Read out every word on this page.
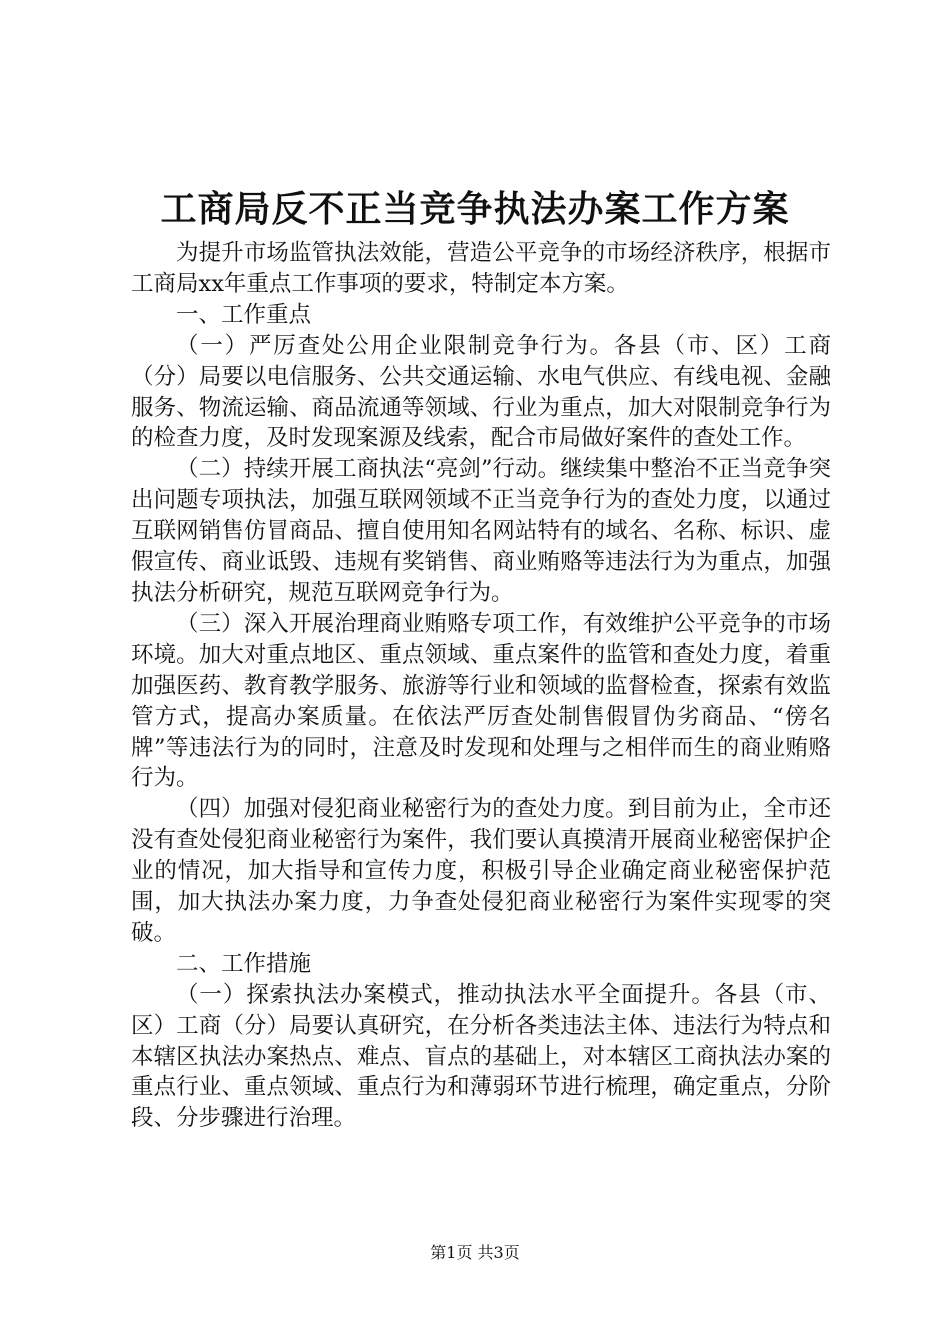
工商局反不正当竞争执法办案工作方案

为提升市场监管执法效能，营造公平竞争的市场经济秩序，根据市工商局xx年重点工作事项的要求，特制定本方案。

一、工作重点

（一）严厉查处公用企业限制竞争行为。各县（市、区）工商（分）局要以电信服务、公共交通运输、水电气供应、有线电视、金融服务、物流运输、商品流通等领域、行业为重点，加大对限制竞争行为的检查力度，及时发现案源及线索，配合市局做好案件的查处工作。

（二）持续开展工商执法“亮剑”行动。继续集中整治不正当竞争突出问题专项执法，加强互联网领域不正当竞争行为的查处力度，以通过互联网销售仿冒商品、擅自使用知名网站特有的域名、名称、标识、虚假宣传、商业诋毁、违规有奖销售、商业贿赂等违法行为为重点，加强执法分析研究，规范互联网竞争行为。

（三）深入开展治理商业贿赂专项工作，有效维护公平竞争的市场环境。加大对重点地区、重点领域、重点案件的监管和查处力度，着重加强医药、教育教学服务、旅游等行业和领域的监督检查，探索有效监管方式，提高办案质量。在依法严厉查处制售假冒伪劣商品、“傍名牌”等违法行为的同时，注意及时发现和处理与之相伴而生的商业贿赂行为。

（四）加强对侵犯商业秘密行为的查处力度。到目前为止，全市还没有查处侵犯商业秘密行为案件，我们要认真摸清开展商业秘密保护企业的情况，加大指导和宣传力度，积极引导企业确定商业秘密保护范围，加大执法办案力度，力争查处侵犯商业秘密行为案件实现零的突破。

二、工作措施

（一）探索执法办案模式，推动执法水平全面提升。各县（市、区）工商（分）局要认真研究，在分析各类违法主体、违法行为特点和本辖区执法办案热点、难点、盲点的基础上，对本辖区工商执法办案的重点行业、重点领域、重点行为和薄弱环节进行梳理，确定重点，分阶段、分步骤进行治理。

第1页 共3页
